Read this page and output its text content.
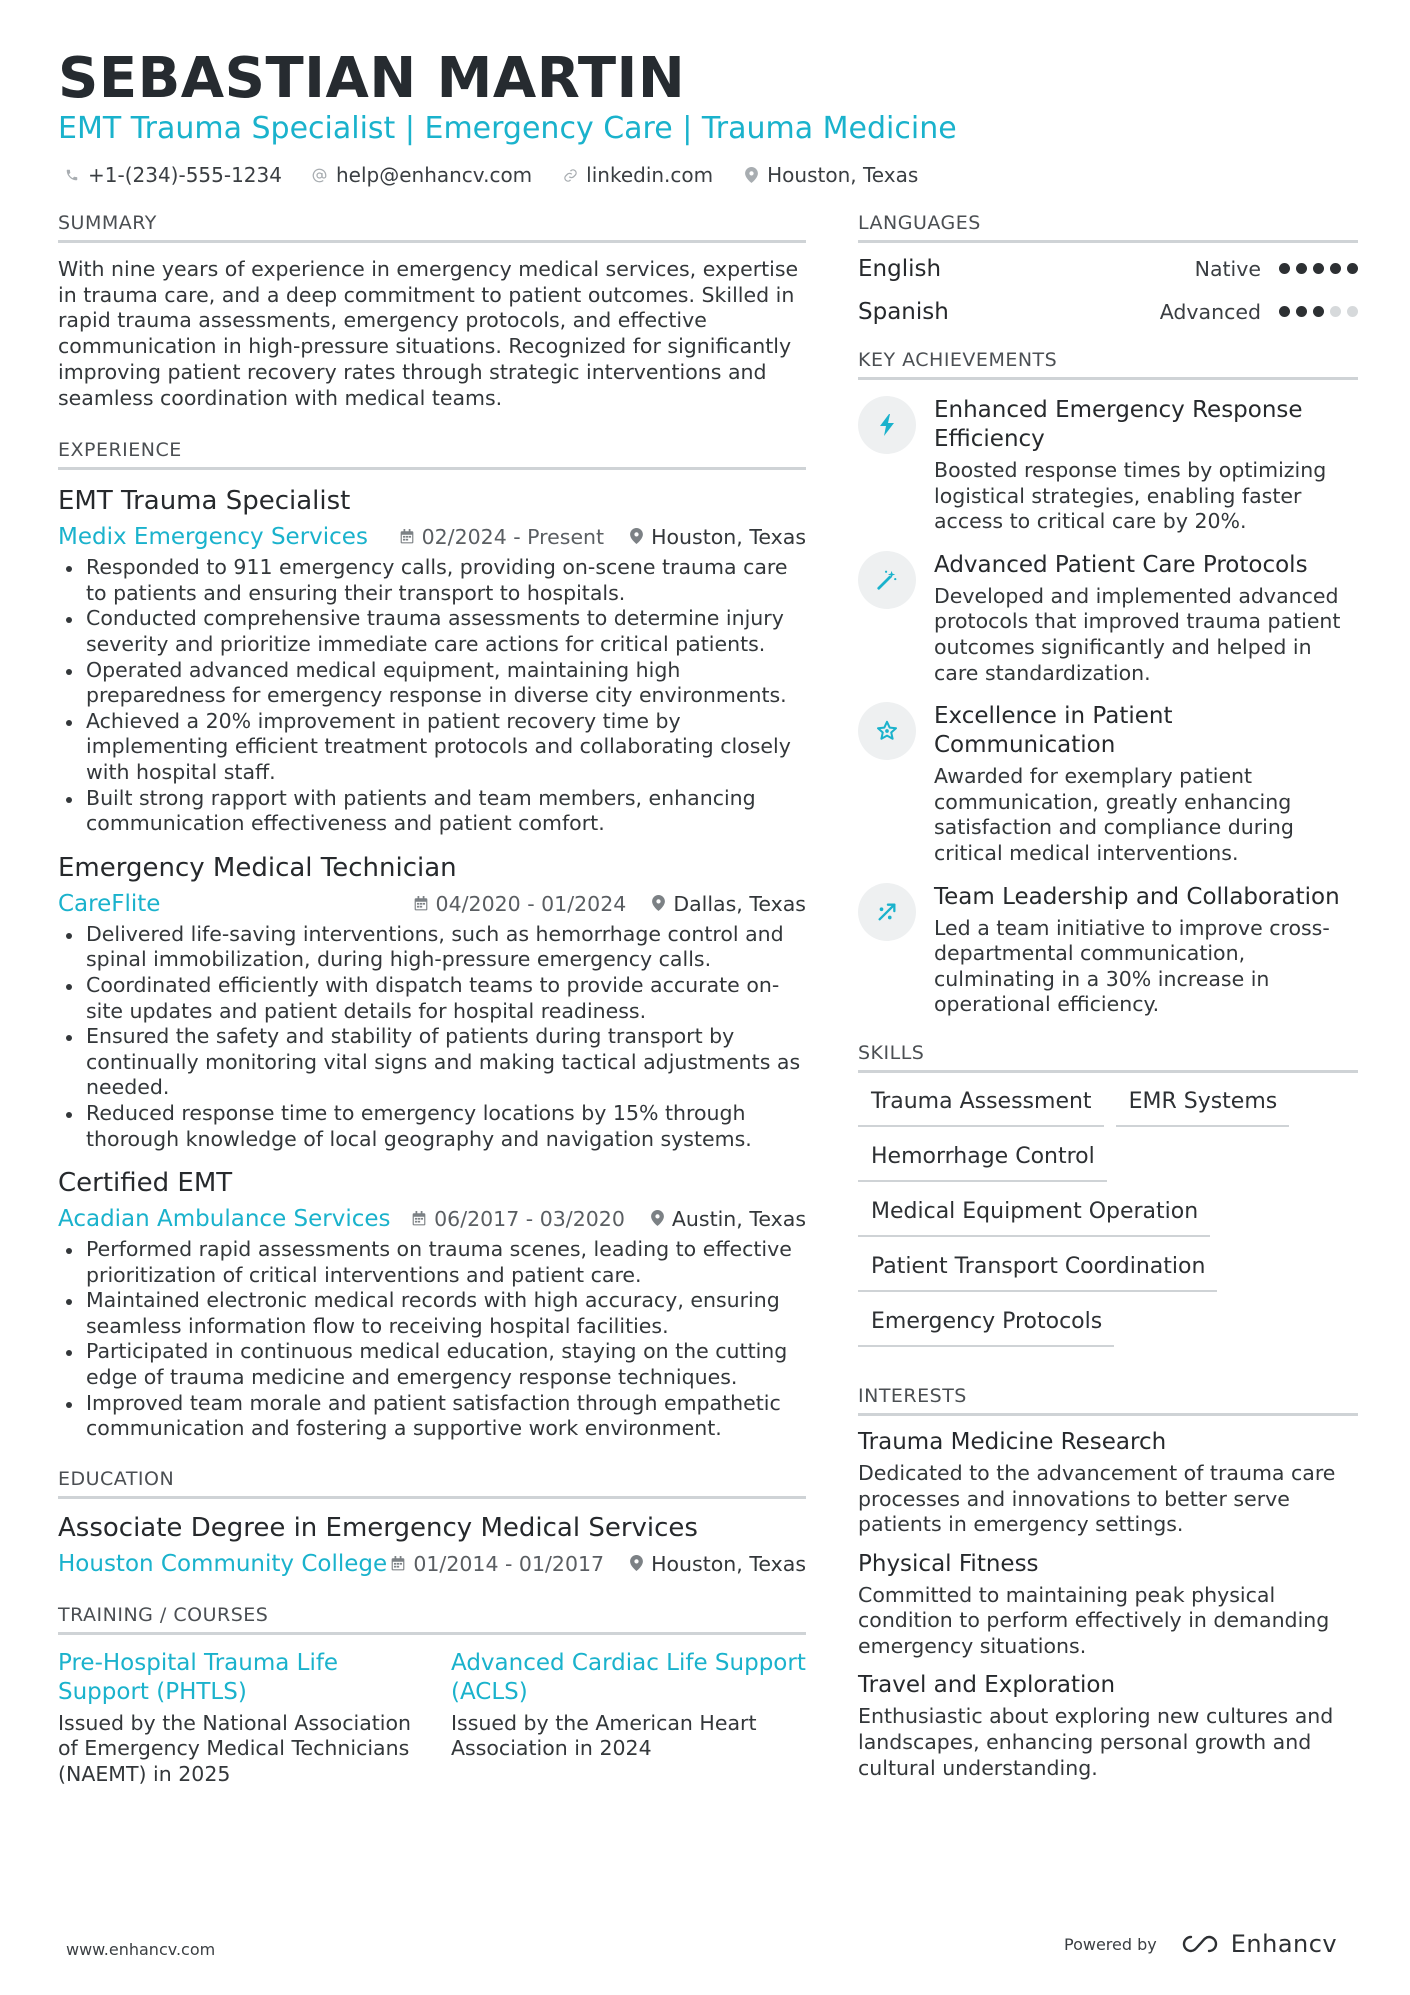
SEBASTIAN MARTIN
EMT Trauma Specialist | Emergency Care | Trauma Medicine
+1-(234)-555-1234	help@enhancv.com	linkedin.com	Houston, Texas
SUMMARY
With nine years of experience in emergency medical services, expertise in trauma care, and a deep commitment to patient outcomes. Skilled in rapid trauma assessments, emergency protocols, and effective communication in high-pressure situations. Recognized for significantly improving patient recovery rates through strategic interventions and seamless coordination with medical teams.
EXPERIENCE
EMT Trauma Specialist
Medix Emergency Services	02/2024 - Present Houston, Texas
Responded to 911 emergency calls, providing on-scene trauma care to patients and ensuring their transport to hospitals.
Conducted comprehensive trauma assessments to determine injury severity and prioritize immediate care actions for critical patients.
Operated advanced medical equipment, maintaining high preparedness for emergency response in diverse city environments.
Achieved a 20% improvement in patient recovery time by implementing efficient treatment protocols and collaborating closely with hospital staff.
Built strong rapport with patients and team members, enhancing communication effectiveness and patient comfort.
Emergency Medical Technician
CareFlite	04/2020 - 01/2024 Dallas, Texas
Delivered life-saving interventions, such as hemorrhage control and spinal immobilization, during high-pressure emergency calls.
Coordinated efficiently with dispatch teams to provide accurate on-site updates and patient details for hospital readiness.
Ensured the safety and stability of patients during transport by continually monitoring vital signs and making tactical adjustments as needed.
Reduced response time to emergency locations by 15% through thorough knowledge of local geography and navigation systems.
Certified EMT
Acadian Ambulance Services 06/2017 - 03/2020 Austin, Texas
Performed rapid assessments on trauma scenes, leading to effective prioritization of critical interventions and patient care.
Maintained electronic medical records with high accuracy, ensuring seamless information flow to receiving hospital facilities.
Participated in continuous medical education, staying on the cutting edge of trauma medicine and emergency response techniques.
Improved team morale and patient satisfaction through empathetic communication and fostering a supportive work environment.
EDUCATION
Associate Degree in Emergency Medical Services
Houston Community College 01/2014 - 01/2017 Houston, Texas
TRAINING / COURSES
Pre-Hospital Trauma Life Support (PHTLS)
Issued by the National Association of Emergency Medical Technicians (NAEMT) in 2025
Advanced Cardiac Life Support (ACLS)
Issued by the American Heart Association in 2024
LANGUAGES
English	Native
Spanish	Advanced
KEY ACHIEVEMENTS
Enhanced Emergency Response Efficiency
Boosted response times by optimizing logistical strategies, enabling faster access to critical care by 20%.
Advanced Patient Care Protocols
Developed and implemented advanced protocols that improved trauma patient outcomes significantly and helped in care standardization.
Excellence in Patient Communication
Awarded for exemplary patient communication, greatly enhancing satisfaction and compliance during critical medical interventions.
Team Leadership and Collaboration
Led a team initiative to improve cross-departmental communication, culminating in a 30% increase in operational efficiency.
SKILLS
Trauma Assessment	EMR Systems
Hemorrhage Control
Medical Equipment Operation
Patient Transport Coordination
Emergency Protocols
INTERESTS
Trauma Medicine Research
Dedicated to the advancement of trauma care processes and innovations to better serve patients in emergency settings.
Physical Fitness
Committed to maintaining peak physical condition to perform effectively in demanding emergency situations.
Travel and Exploration
Enthusiastic about exploring new cultures and landscapes, enhancing personal growth and cultural understanding.
www.enhancv.com	Powered by	Enhancv
